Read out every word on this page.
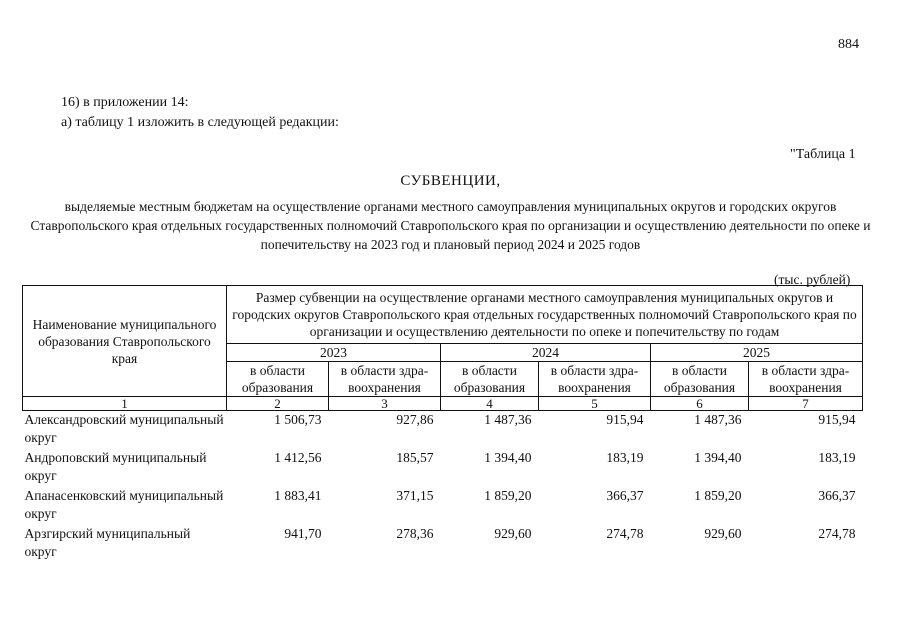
884
16) в приложении 14:
а) таблицу 1 изложить в следующей редакции:
"Таблица 1
СУБВЕНЦИИ,
выделяемые местным бюджетам на осуществление органами местного самоуправления муниципальных округов и городских округов Ставропольского края отдельных государственных полномочий Ставропольского края по организации и осуществлению деятельности по опеке и попечительству на 2023 год и плановый период 2024 и 2025 годов
(тыс. рублей)
Наименование муниципального образования Ставропольского края	Размер субвенции на осуществление органами местного самоуправления муниципальных округов и городских округов Ставропольского края отдельных государственных полномочий Ставропольского края по организации и осуществлению деятельности по опеке и попечительству по годам					
	2023		2024		2025	
	в области образования	в области здра-воохранения	в области образования	в области здра-воохранения	в области образования	в области здра-воохранения
1	2	3	4	5	6	7
Александровский муниципальный округ	1 506,73	927,86	1 487,36	915,94	1 487,36	915,94
Андроповский муниципальный округ	1 412,56	185,57	1 394,40	183,19	1 394,40	183,19
Апанасенковский муниципальный округ	1 883,41	371,15	1 859,20	366,37	1 859,20	366,37
Арзгирский муниципальный округ	941,70	278,36	929,60	274,78	929,60	274,78
